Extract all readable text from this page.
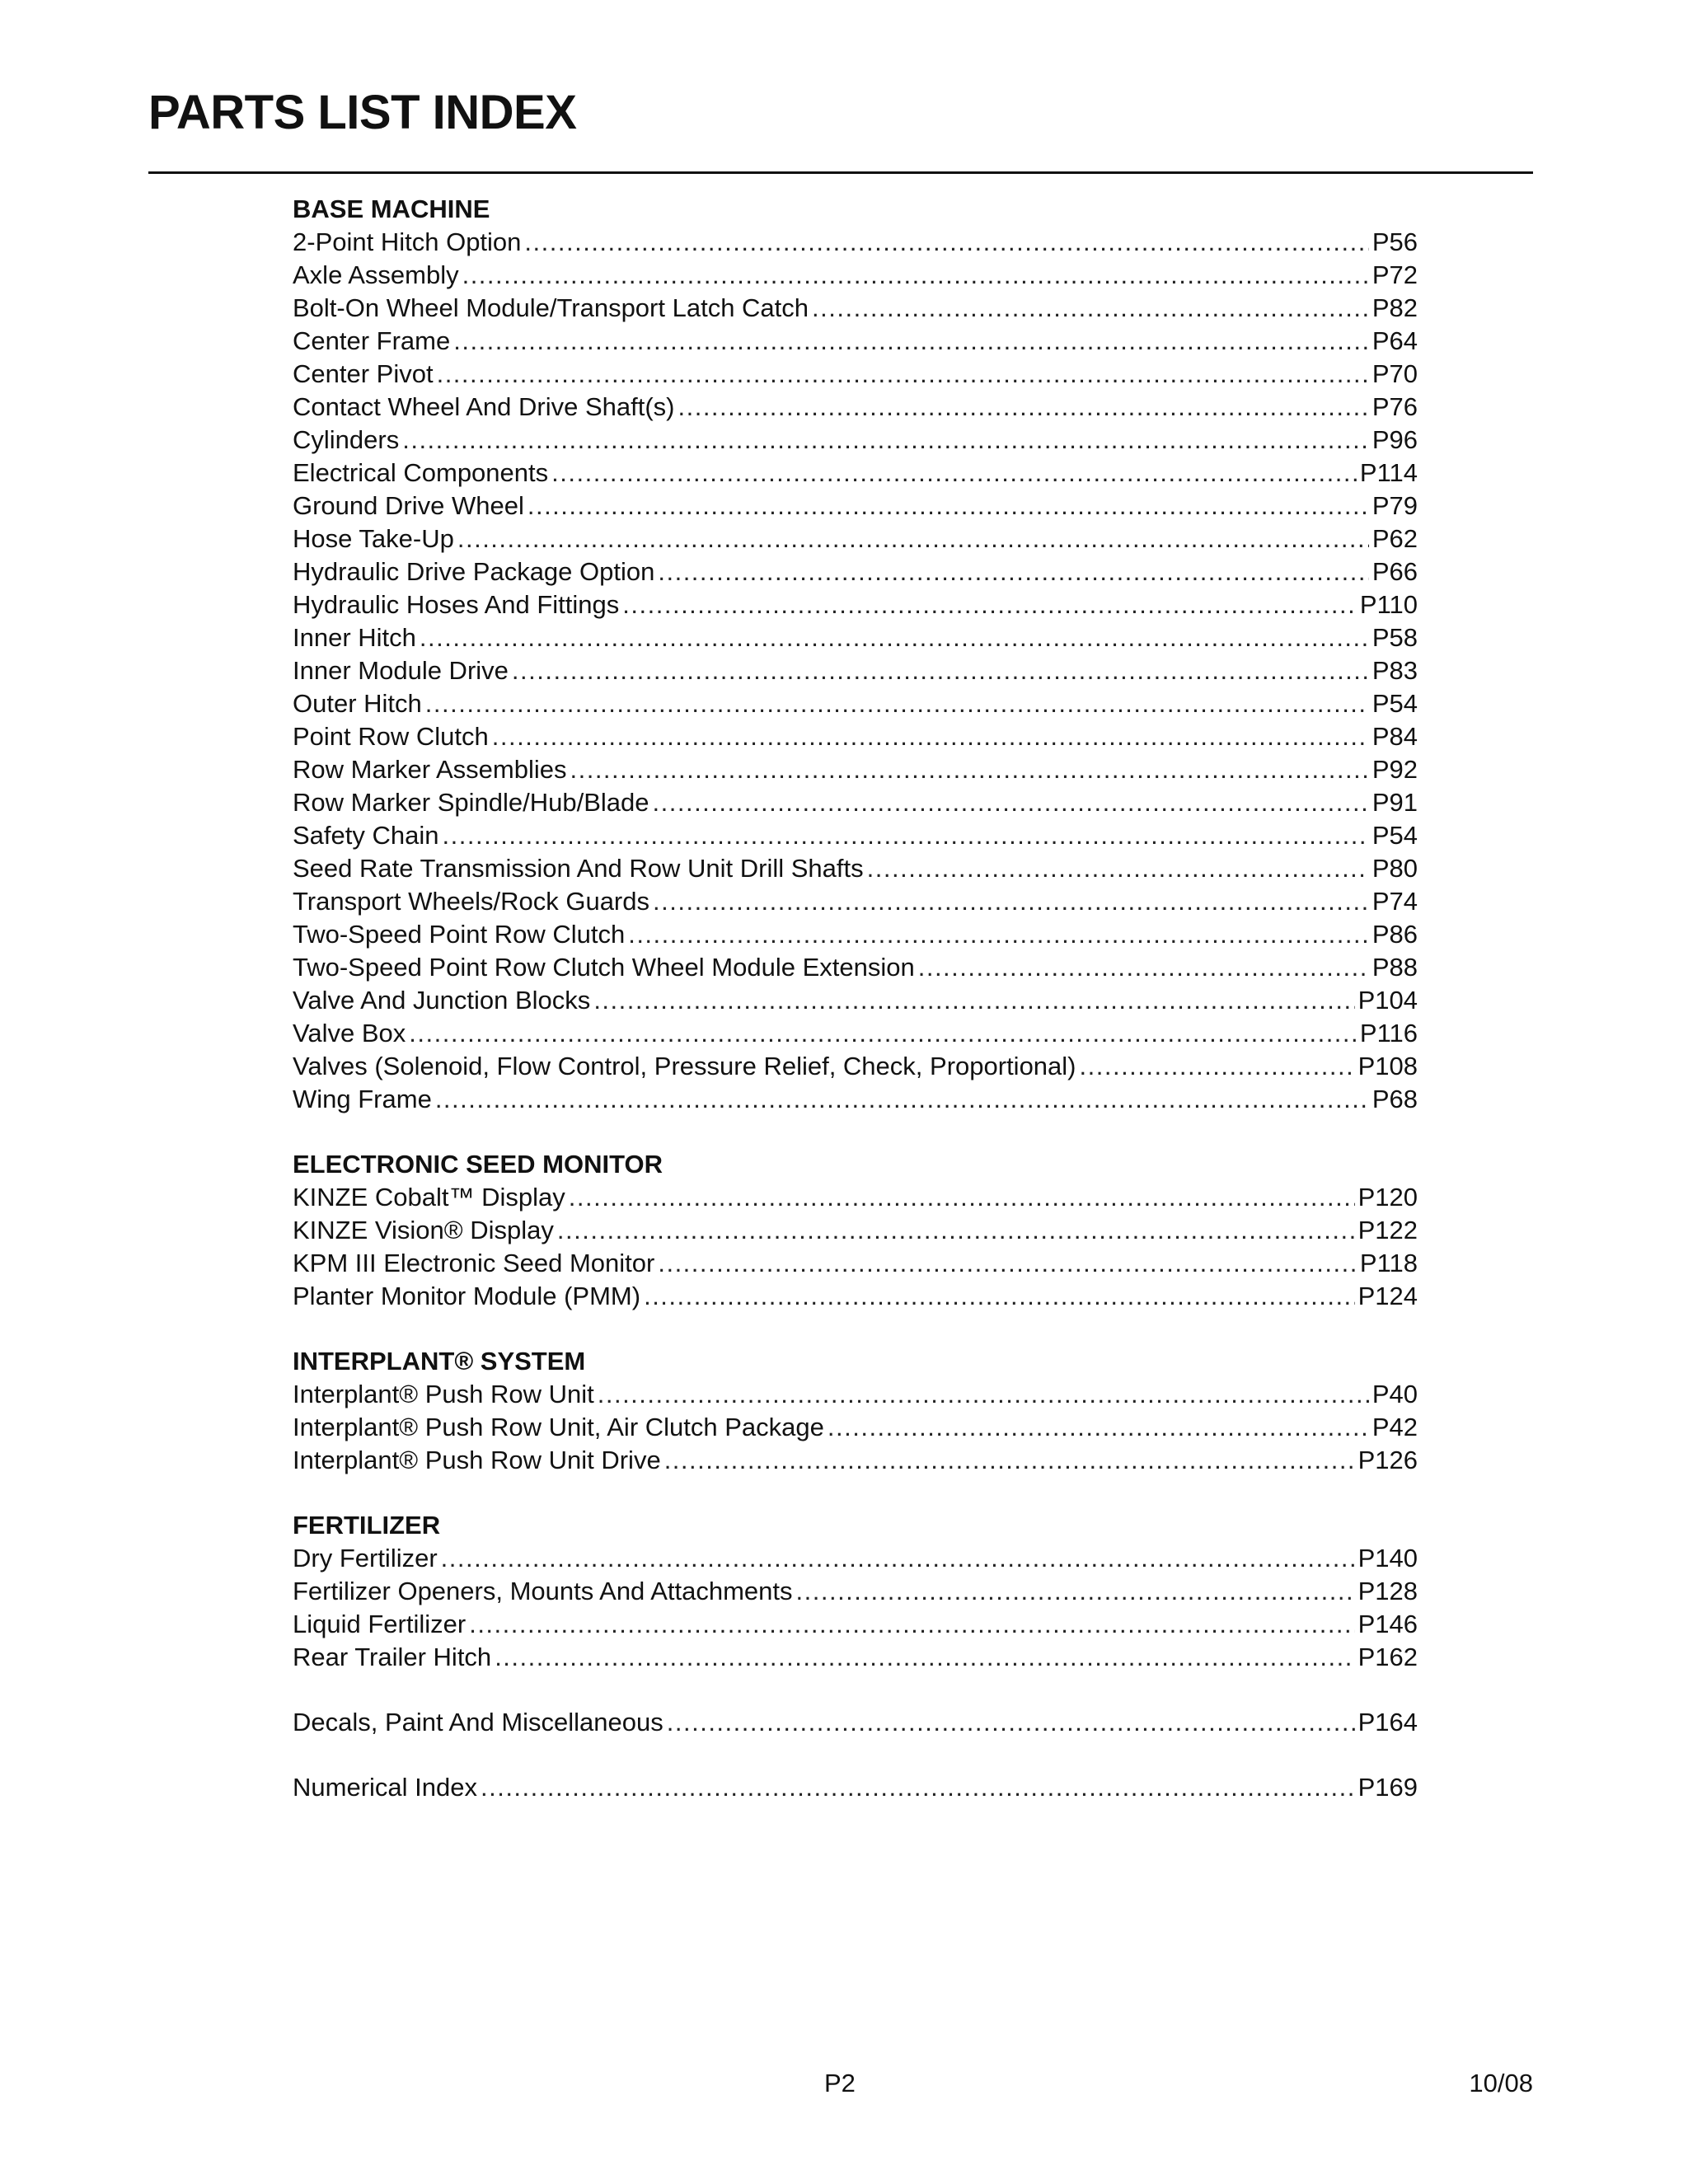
PARTS LIST INDEX
BASE MACHINE
2-Point Hitch Option .....	P56
Axle Assembly .....	P72
Bolt-On Wheel Module/Transport Latch Catch .....	P82
Center Frame .....	P64
Center Pivot .....	P70
Contact Wheel And Drive Shaft(s) .....	P76
Cylinders .....	P96
Electrical Components .....	P114
Ground Drive Wheel .....	P79
Hose Take-Up .....	P62
Hydraulic Drive Package Option .....	P66
Hydraulic Hoses And Fittings .....	P110
Inner Hitch .....	P58
Inner Module Drive .....	P83
Outer Hitch .....	P54
Point Row Clutch .....	P84
Row Marker Assemblies .....	P92
Row Marker Spindle/Hub/Blade .....	P91
Safety Chain .....	P54
Seed Rate Transmission And Row Unit Drill Shafts .....	P80
Transport Wheels/Rock Guards .....	P74
Two-Speed Point Row Clutch .....	P86
Two-Speed Point Row Clutch Wheel Module Extension .....	P88
Valve And Junction Blocks .....	P104
Valve Box .....	P116
Valves (Solenoid, Flow Control, Pressure Relief, Check, Proportional) .....	P108
Wing Frame .....	P68
ELECTRONIC SEED MONITOR
KINZE Cobalt™ Display .....	P120
KINZE Vision® Display .....	P122
KPM III Electronic Seed Monitor .....	P118
Planter Monitor Module (PMM) .....	P124
INTERPLANT® SYSTEM
Interplant® Push Row Unit .....	P40
Interplant® Push Row Unit, Air Clutch Package .....	P42
Interplant® Push Row Unit Drive .....	P126
FERTILIZER
Dry Fertilizer .....	P140
Fertilizer Openers, Mounts And Attachments .....	P128
Liquid Fertilizer .....	P146
Rear Trailer Hitch .....	P162
Decals, Paint And Miscellaneous .....	P164
Numerical Index .....	P169
P2	10/08
